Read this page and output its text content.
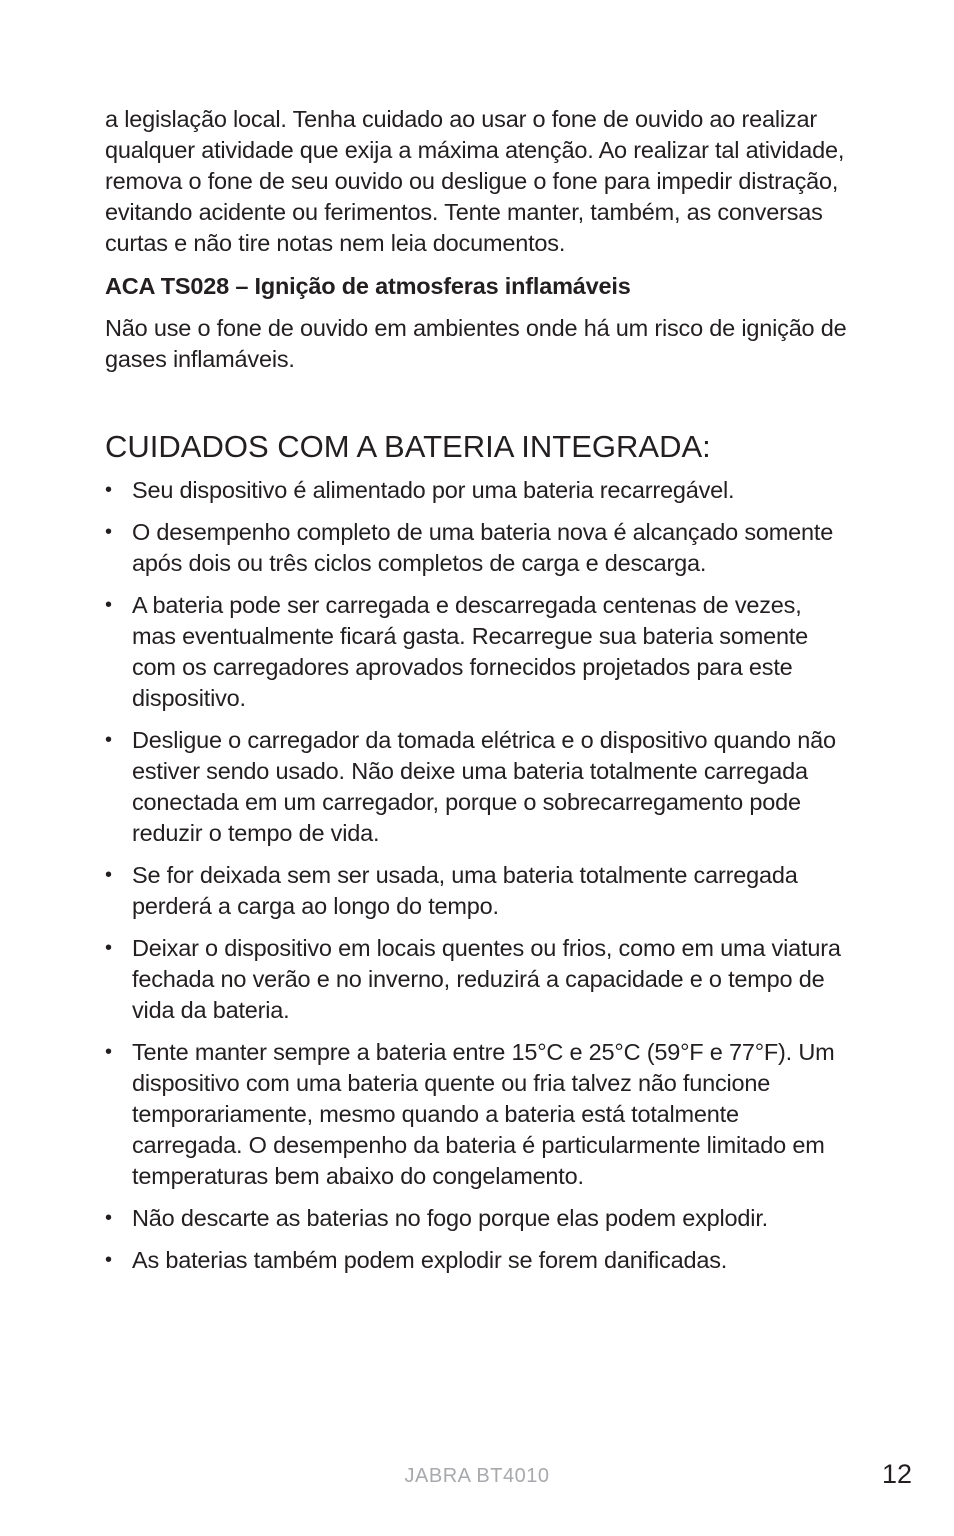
a legislação local. Tenha cuidado ao usar o fone de ouvido ao realizar qualquer atividade que exija a máxima atenção. Ao realizar tal atividade, remova o fone de seu ouvido ou desligue o fone para impedir distração, evitando acidente ou ferimentos. Tente manter, também, as conversas curtas e não tire notas nem leia documentos.

ACA TS028 – Ignição de atmosferas inflamáveis

Não use o fone de ouvido em ambientes onde há um risco de ignição de gases inflamáveis.

CUIDADOS COM A BATERIA INTEGRADA:
• Seu dispositivo é alimentado por uma bateria recarregável.
• O desempenho completo de uma bateria nova é alcançado somente após dois ou três ciclos completos de carga e descarga.
• A bateria pode ser carregada e descarregada centenas de vezes, mas eventualmente ficará gasta. Recarregue sua bateria somente com os carregadores aprovados fornecidos projetados para este dispositivo.
• Desligue o carregador da tomada elétrica e o dispositivo quando não estiver sendo usado. Não deixe uma bateria totalmente carregada conectada em um carregador, porque o sobrecarregamento pode reduzir o tempo de vida.
• Se for deixada sem ser usada, uma bateria totalmente carregada perderá a carga ao longo do tempo.
• Deixar o dispositivo em locais quentes ou frios, como em uma viatura fechada no verão e no inverno, reduzirá a capacidade e o tempo de vida da bateria.
• Tente manter sempre a bateria entre 15°C e 25°C (59°F e 77°F). Um dispositivo com uma bateria quente ou fria talvez não funcione temporariamente, mesmo quando a bateria está totalmente carregada. O desempenho da bateria é particularmente limitado em temperaturas bem abaixo do congelamento.
• Não descarte as baterias no fogo porque elas podem explodir.
• As baterias também podem explodir se forem danificadas.
JABRA BT4010	12
